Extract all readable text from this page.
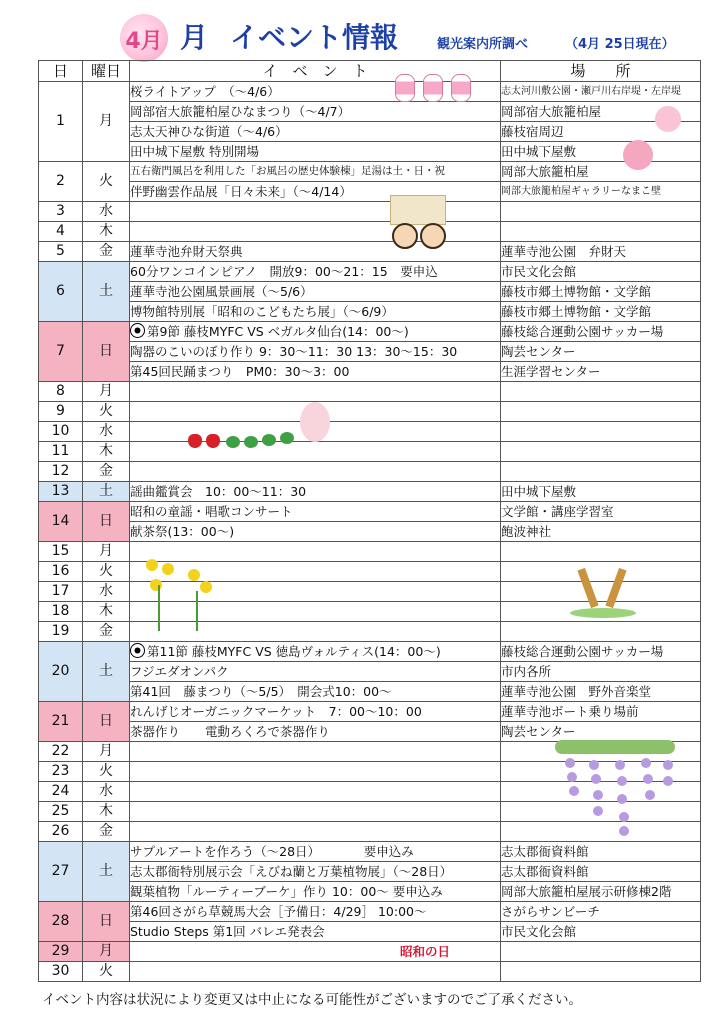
4月 月 イベント情報	観光案内所調べ	（4月 25日現在）
日	曜日	イ　ベ　ン　ト	場　　所
1	月	桜ライトアップ　（～4/6）	志太河川敷公園・瀬戸川右岸堤・左岸堤
		岡部宿大旅籠柏屋ひなまつり（～4/7）	岡部宿大旅籠柏屋
		志太天神ひな街道（～4/6）	藤枝宿周辺
		田中城下屋敷 特別開場	田中城下屋敷
2	火	五右衛門風呂を利用した「お風呂の歴史体験棟」足湯は土・日・祝	岡部大旅籠柏屋
		伴野幽雲作品展「日々未来」（～4/14）	岡部大旅籠柏屋ギャラリーなまこ壁
3	水		
4	木		
5	金	蓮華寺池弁財天祭典	蓮華寺池公園　弁財天
6	土	60分ワンコインピアノ　開放9：00～21：15　要申込	市民文化会館
		蓮華寺池公園風景画展（～5/6）	藤枝市郷土博物館・文学館
		博物館特別展「昭和のこどもたち展」（～6/9）	藤枝市郷土博物館・文学館
7	日	第9節 藤枝MYFC VS ベガルタ仙台(14：00～)	藤枝総合運動公園サッカー場
		陶器のこいのぼり作り 9：30～11：30 13：30～15：30	陶芸センター
		第45回民踊まつり　PM0：30～3：00	生涯学習センター
8	月		
9	火		
10	水		
11	木		
12	金		
13	土	謡曲鑑賞会　10：00～11：30	田中城下屋敷
14	日	昭和の童謡・唱歌コンサート	文学館・講座学習室
		献茶祭(13：00～)	飽波神社
15	月		
16	火		
17	水		
18	木		
19	金		
20	土	第11節 藤枝MYFC VS 徳島ヴォルティス(14：00～)	藤枝総合運動公園サッカー場
		フジエダオンパク	市内各所
		第41回　藤まつり（～5/5）　開会式10：00～	蓮華寺池公園　野外音楽堂
21	日	れんげじオーガニックマーケット　7：00～10：00	蓮華寺池ボート乗り場前
		茶器作り　　電動ろくろで茶器作り	陶芸センター
22	月		
23	火		
24	水		
25	木		
26	金		
27	土	サプルアートを作ろう（～28日）　　　　要申込み	志太郡衙資料館
		志太郡衙特別展示会「えびね蘭と万葉植物展」（～28日）	志太郡衙資料館
		観葉植物「ルーティーブーケ」作り 10：00～ 要申込み	岡部大旅籠柏屋展示研修棟2階
28	日	第46回さがら草競馬大会［予備日：4/29］ 10:00～	さがらサンビーチ
		Studio Steps 第1回 バレエ発表会	市民文化会館
29	月	昭和の日	
30	火		
イベント内容は状況により変更又は中止になる可能性がございますのでご了承ください。
